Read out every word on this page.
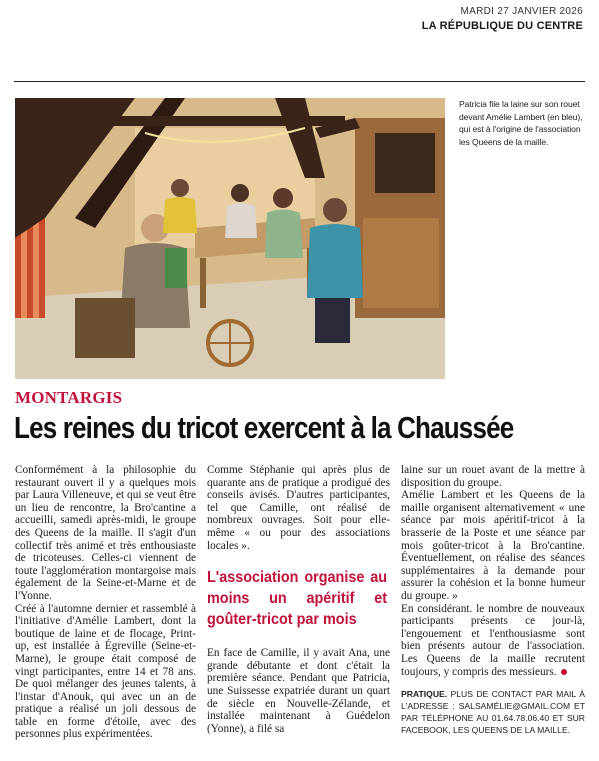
MARDI 27 JANVIER 2026
LA RÉPUBLIQUE DU CENTRE
Patricia file la laine sur son rouet devant Amélie Lambert (en bleu), qui est à l'origine de l'association les Queens de la maille.
MONTARGIS
Les reines du tricot exercent à la Chaussée

Conformément à la philosophie du restaurant ouvert il y a quelques mois par Laura Villeneuve, et qui se veut être un lieu de rencontre, la Bro'cantine a accueilli, samedi après-midi, le groupe des Queens de la maille. Il s'agit d'un collectif très animé et très enthousiaste de tricoteuses. Celles-ci viennent de toute l'agglomération montargoise mais également de la Seine-et-Marne et de l'Yonne.

Créé à l'automne dernier et rassemblé à l'initiative d'Amélie Lambert, dont la boutique de laine et de flocage, Print-up, est installée à Égreville (Seine-et-Marne), le groupe était composé de vingt participantes, entre 14 et 78 ans. De quoi mélanger des jeunes talents, à l'instar d'Anouk, qui avec un an de pratique a réalisé un joli dessous de table en forme d'étoile, avec des personnes plus expérimentées.

Comme Stéphanie qui après plus de quarante ans de pratique a prodigué des conseils avisés. D'autres participantes, tel que Camille, ont réalisé de nombreux ouvrages. Soit pour elle-même « ou pour des associations locales ».

L'association organise au moins un apéritif et goûter-tricot par mois

En face de Camille, il y avait Ana, une grande débutante et dont c'était la première séance. Pendant que Patricia, une Suissesse expatriée durant un quart de siècle en Nouvelle-Zélande, et installée maintenant à Guédelon (Yonne), a filé sa

laine sur un rouet avant de la mettre à disposition du groupe.

Amélie Lambert et les Queens de la maille organisent alternativement « une séance par mois apéritif-tricot à la brasserie de la Poste et une séance par mois goûter-tricot à la Bro'cantine. Éventuellement, on réalise des séances supplémentaires à la demande pour assurer la cohésion et la bonne humeur du groupe. »

En considérant. le nombre de nouveaux participants présents ce jour-là, l'engouement et l'enthousiasme sont bien présents autour de l'association. Les Queens de la maille recrutent toujours, y compris des messieurs.

PRATIQUE. PLUS DE CONTACT PAR MAIL À L'ADRESSE : SALSAMÉLIE@GMAIL.COM ET PAR TÉLÉPHONE AU 01.64.78.06.40 ET SUR FACEBOOK, LES QUEENS DE LA MAILLE.
